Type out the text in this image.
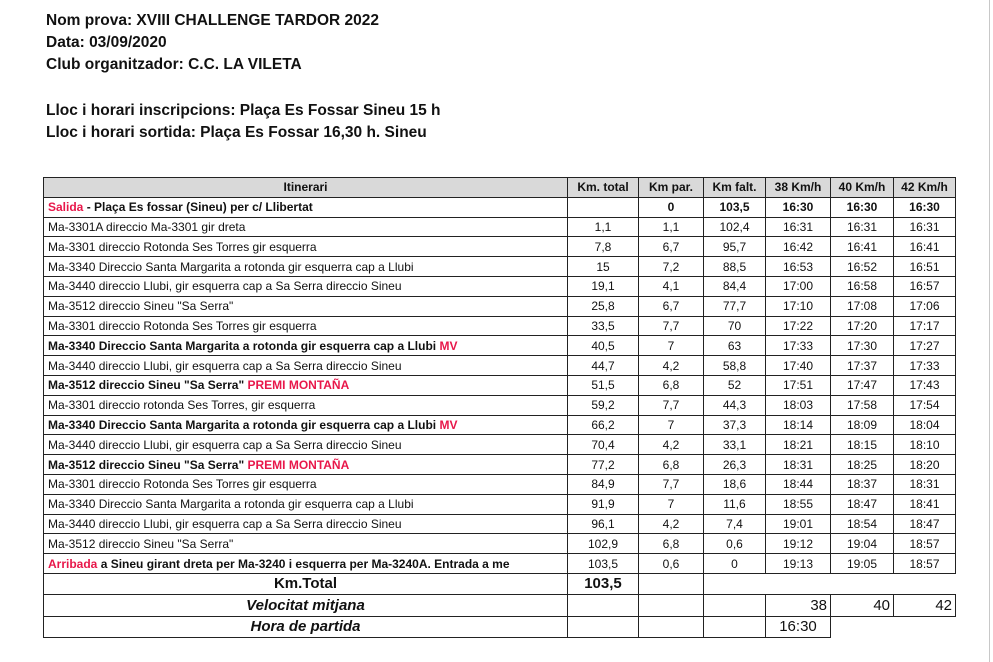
Nom prova: XVIII CHALLENGE TARDOR 2022
Data: 03/09/2020
Club organitzador: C.C. LA VILETA
Lloc i horari inscripcions: Plaça Es Fossar Sineu 15 h
Lloc i horari sortida: Plaça Es Fossar 16,30 h. Sineu
Itinerari	Km. total	Km par.	Km falt.	38 Km/h	40 Km/h	42 Km/h
Salida - Plaça Es fossar (Sineu) per c/ Llibertat		0	103,5	16:30	16:30	16:30
Ma-3301A direccio Ma-3301 gir dreta	1,1	1,1	102,4	16:31	16:31	16:31
Ma-3301 direccio Rotonda Ses Torres gir esquerra	7,8	6,7	95,7	16:42	16:41	16:41
Ma-3340 Direccio Santa Margarita a rotonda gir esquerra cap a Llubi	15	7,2	88,5	16:53	16:52	16:51
Ma-3440 direccio Llubi, gir esquerra cap a Sa Serra direccio Sineu	19,1	4,1	84,4	17:00	16:58	16:57
Ma-3512 direccio Sineu "Sa Serra"	25,8	6,7	77,7	17:10	17:08	17:06
Ma-3301 direccio Rotonda Ses Torres gir esquerra	33,5	7,7	70	17:22	17:20	17:17
Ma-3340 Direccio Santa Margarita a rotonda gir esquerra cap a Llubi MV	40,5	7	63	17:33	17:30	17:27
Ma-3440 direccio Llubi, gir esquerra cap a Sa Serra direccio Sineu	44,7	4,2	58,8	17:40	17:37	17:33
Ma-3512 direccio Sineu "Sa Serra" PREMI MONTAÑA	51,5	6,8	52	17:51	17:47	17:43
Ma-3301 direccio rotonda Ses Torres, gir esquerra	59,2	7,7	44,3	18:03	17:58	17:54
Ma-3340 Direccio Santa Margarita a rotonda gir esquerra cap a Llubi MV	66,2	7	37,3	18:14	18:09	18:04
Ma-3440 direccio Llubi, gir esquerra cap a Sa Serra direccio Sineu	70,4	4,2	33,1	18:21	18:15	18:10
Ma-3512 direccio Sineu "Sa Serra" PREMI MONTAÑA	77,2	6,8	26,3	18:31	18:25	18:20
Ma-3301 direccio Rotonda Ses Torres gir esquerra	84,9	7,7	18,6	18:44	18:37	18:31
Ma-3340 Direccio Santa Margarita a rotonda gir esquerra cap a Llubi	91,9	7	11,6	18:55	18:47	18:41
Ma-3440 direccio Llubi, gir esquerra cap a Sa Serra direccio Sineu	96,1	4,2	7,4	19:01	18:54	18:47
Ma-3512 direccio Sineu "Sa Serra"	102,9	6,8	0,6	19:12	19:04	18:57
Arribada a Sineu girant dreta per Ma-3240 i esquerra per Ma-3240A. Entrada a me	103,5	0,6	0	19:13	19:05	18:57
Km.Total	103,5					
Velocitat mitjana				38	40	42
Hora de partida				16:30		
